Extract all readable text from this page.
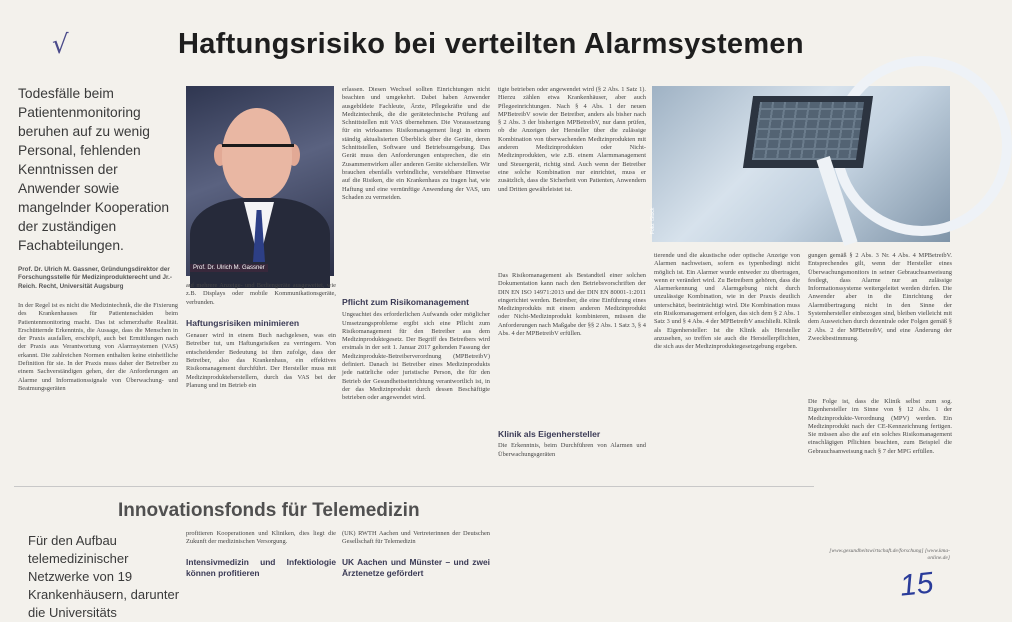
√	Haftungsrisiko bei verteilten Alarmsystemen
Todesfälle beim Patientenmonitoring beruhen auf zu wenig Personal, fehlenden Kenntnissen der Anwender sowie mangelnder Kooperation der zuständigen Fachabteilungen.
Prof. Dr. Ulrich M. Gassner, Gründungsdirektor der Forschungsstelle für Medizinprodukterecht und Jr.-Reich. Recht, Universität Augsburg

In der Regel ist es nicht die Medizintechnik, die die Fixierung des Krankenhauses für Patientenschäden beim Patientenmonitoring macht. Das ist schmerzhafte Realität. Erschütternde Erkenntnis, die Aussage, dass die Menschen in der Praxis ausfallen, erschöpft, auch bei Ermittlungen nach der Praxis aus Verantwortung von Alarmsystemen (VAS) erkannt. Die zahlreichen Normen enthalten keine einheitliche Definition für sie. In der Praxis muss daher der Betreiber zu einem Sachverständigen gehen, der die Anforderungen an Alarme und Informationssignale von Überwachung- und Beatmungsgeräten

Prof. Dr. Ulrich M. Gassner

auf mehrere Anzeige- und Bediengeräte ausgeweitet, wie z.B. Displays oder mobile Kommunikationsgeräte, verbunden.

Haftungsrisiken minimieren

Genauer wird in einem Buch nachgelesen, was ein Betreiber tut, um Haftungsrisiken zu verringern. Von entscheidender Bedeutung ist ihm zufolge, dass der Betreiber, also das Krankenhaus, ein effektives Risikomanagement durchführt. Der Hersteller muss mit Medizinprodukteherstellern, durch das VAS bei der Planung und im Betrieb ein

erlassen. Diesen Wechsel sollten Einrichtungen nicht beachten und umgekehrt. Dabei haben Anwender ausgebildete Fachleute, Ärzte, Pflegekräfte und die Medizintechnik, die die gerätetechnische Prüfung auf Schnittstellen mit VAS übernehmen. Die Voraussetzung für ein wirksames Risikomanagement liegt in einem ständig aktualisierten Überblick über die Geräte, deren Schnittstellen, Software und Betriebsumgebung. Das Gerät muss den Anforderungen entsprechen, die ein Zusammenwirken aller anderen Geräte sicherstellen. Wir brauchen ebenfalls verbindliche, verstehbare Hinweise auf die Risiken, die ein Krankenhaus zu tragen hat, wie Haftung und eine vernünftige Anwendung der VAS, um Schaden zu vermeiden.

Pflicht zum Risikomanagement

Ungeachtet des erforderlichen Aufwands oder möglicher Umsetzungsprobleme ergibt sich eine Pflicht zum Risikomanagement für den Betreiber aus dem Medizinproduktegesetz. Der Begriff des Betreibers wird erstmals in der seit 1. Januar 2017 geltenden Fassung der Medizinprodukte-Betreiberverordnung (MPBetreibV) definiert. Danach ist Betreiber eines Medizinprodukts jede natürliche oder juristische Person, die für den Betrieb der Gesundheitseinrichtung verantwortlich ist, in der das Medizinprodukt durch dessen Beschäftigte betrieben oder angewendet wird.

tigte betrieben oder angewendet wird (§ 2 Abs. 1 Satz 1). Hierzu zählen etwa Krankenhäuser, aber auch Pflegeeinrichtungen. Nach § 4 Abs. 1 der neuen MPBetreibV sowie der Betreiber, anders als bisher nach § 2 Abs. 3 der bisherigen MPBetreibV, nur dann prüfen, ob die Anzeigen der Hersteller über die zulässige Kombination von überwachenden Medizinprodukten mit anderen Medizinprodukten oder Nicht-Medizinprodukten, wie z.B. einem Alarmmanagement und Steuergerät, richtig sind. Auch wenn der Betreiber eine solche Kombination nur einrichtet, muss er zusätzlich, dass die Sicherheit von Patienten, Anwendern und Dritten gewährleistet ist.

Das Risikomanagement als Bestandteil einer solchen Dokumentation kann nach den Betriebsvorschriften der DIN EN ISO 14971:2013 und der DIN EN 80001-1:2011 eingerichtet werden. Betreiber, die eine Einführung eines Medizinprodukts mit einem anderen Medizinprodukt oder Nicht-Medizinprodukt kombinieren, müssen die Anforderungen nach Maßgabe der §§ 2 Abs. 1 Satz 3, § 4 Abs. 4 der MPBetreibV erfüllen.

Klinik als Eigenhersteller

Die Erkenntnis, beim Durchführen von Alarmen und Überwachungsgeräten

Foto: iStock

tierende und die akustische oder optische Anzeige von Alarmen nachweisen, sofern es typenbedingt nicht möglich ist. Ein Alarmer wurde entweder zu übertragen, wenn er verändert wird. Zu Betreibern gehören, dass die Alarmerkennung und Alarmgebung nicht durch unzulässige Kombination, wie in der Praxis deutlich unterschätzt, beeinträchtigt wird. Die Kombination muss ein Risikomanagement erfolgen, das sich dem § 2 Abs. 1 Satz 3 und § 4 Abs. 4 der MPBetreibV anschließt. Klinik als Eigenhersteller: Ist die Klinik als Hersteller anzusehen, so treffen sie auch die Herstellerpflichten, die sich aus der Medizinproduktegesetzgebung ergeben.

gungen gemäß § 2 Abs. 3 Nr. 4 Abs. 4 MPBetreibV. Entsprechendes gilt, wenn der Hersteller eines Überwachungsmonitors in seiner Gebrauchsanweisung festlegt, dass Alarme nur an zulässige Informationssysteme weitergeleitet werden dürfen. Die Anwender aber in die Einrichtung der Alarmübertragung nicht in den Sinne der Systemhersteller einbezogen sind, bleiben vielleicht mit dem Ausweichen durch dezentrale oder Folgen gemäß § 2 Abs. 2 der MPBetreibV, und eine Änderung der Zweckbestimmung.

Die Folge ist, dass die Klinik selbst zum sog. Eigenhersteller im Sinne von § 12 Abs. 1 der Medizinprodukte-Verordnung (MPV) werden. Ein Medizinprodukt nach der CE-Kennzeichnung fertigen. Sie müssen also die auf ein solches Risikomanagement einschlägigen Pflichten beachten, zum Beispiel die Gebrauchsanweisung nach § 7 der MPG erfüllen.

[www.gesundheitswirtschaft.de/forschung] [www.kma-online.de]
Innovationsfonds für Telemedizin
Für den Aufbau telemedizinischer Netzwerke von 19 Krankenhäusern, darunter die Universitäts

profitieren Kooperationen und Kliniken, dies liegt die Zukunft der medizinischen Versorgung.

Intensivmedizin und Infektiologie können profitieren

(UK) RWTH Aachen und Vertreterinnen der Deutschen Gesellschaft für Telemedizin

UK Aachen und Münster – und zwei Ärztenetze gefördert	15
